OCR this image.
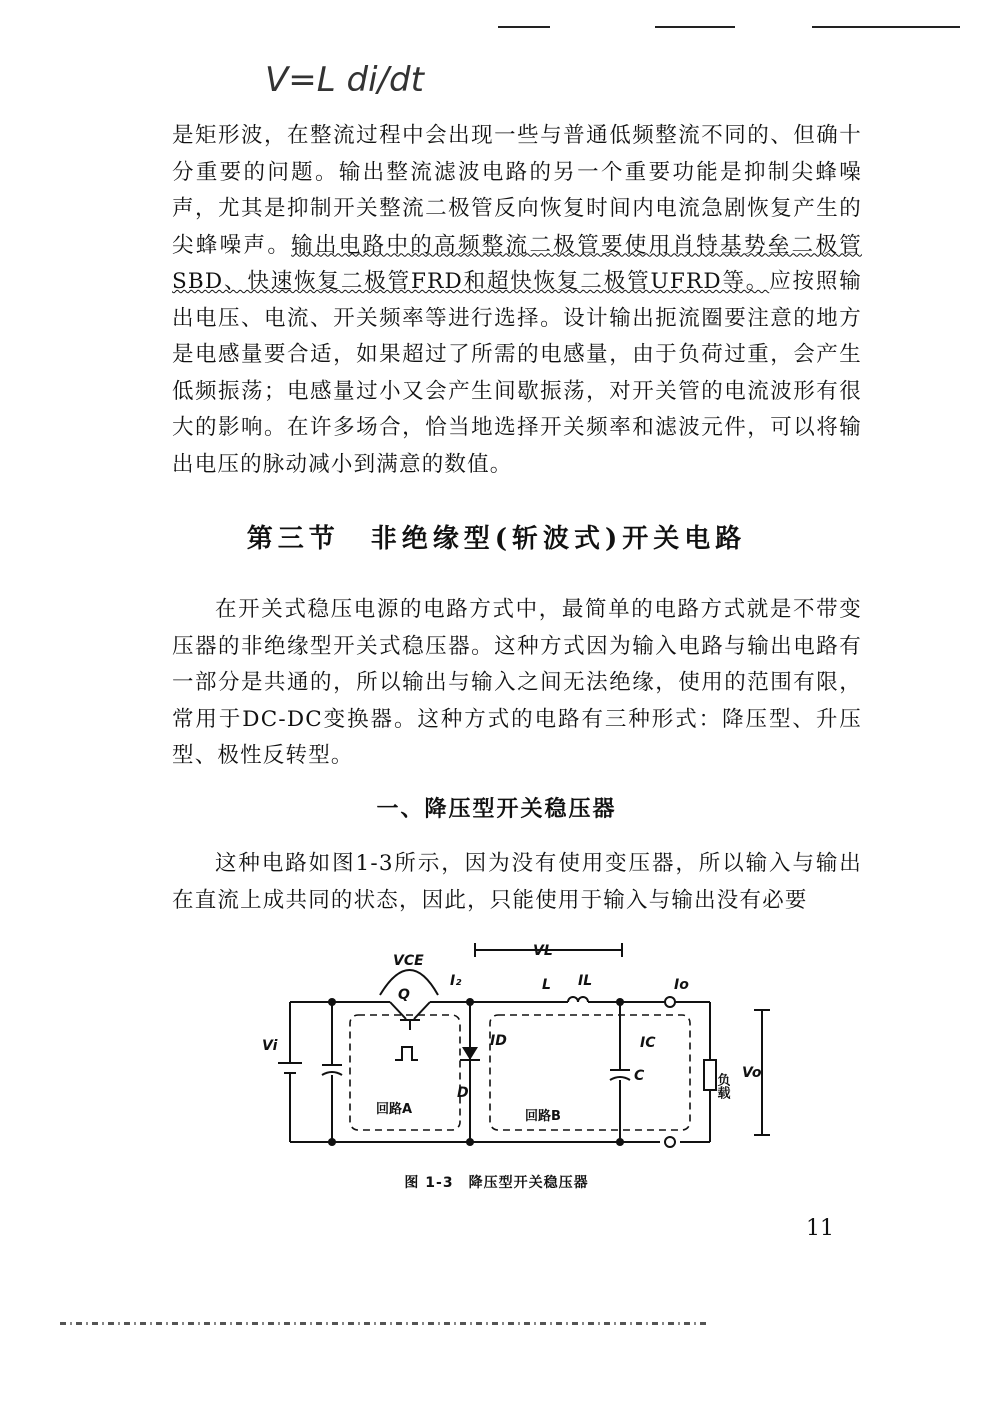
V=L di/dt

是矩形波，在整流过程中会出现一些与普通低频整流不同的、但确十分重要的问题。输出整流滤波电路的另一个重要功能是抑制尖蜂噪声，尤其是抑制开关整流二极管反向恢复时间内电流急剧恢复产生的尖蜂噪声。输出电路中的高频整流二极管要使用肖特基势垒二极管SBD、快速恢复二极管FRD和超快恢复二极管UFRD等。应按照输出电压、电流、开关频率等进行选择。设计输出扼流圈要注意的地方是电感量要合适，如果超过了所需的电感量，由于负荷过重，会产生低频振荡；电感量过小又会产生间歇振荡，对开关管的电流波形有很大的影响。在许多场合，恰当地选择开关频率和滤波元件，可以将输出电压的脉动减小到满意的数值。

第三节　非绝缘型(斩波式)开关电路

在开关式稳压电源的电路方式中，最简单的电路方式就是不带变压器的非绝缘型开关式稳压器。这种方式因为输入电路与输出电路有一部分是共通的，所以输出与输入之间无法绝缘，使用的范围有限，常用于DC-DC变换器。这种方式的电路有三种形式：降压型、升压型、极性反转型。

一、降压型开关稳压器

这种电路如图1-3所示，因为没有使用变压器，所以输入与输出在直流上成共同的状态，因此，只能使用于输入与输出没有必要

VCE
Q
I₂
VL
L IL	Io
Vi	ID	IC
D
C	Vo
负载
回路A	回路B
图 1-3　降压型开关稳压器
11
